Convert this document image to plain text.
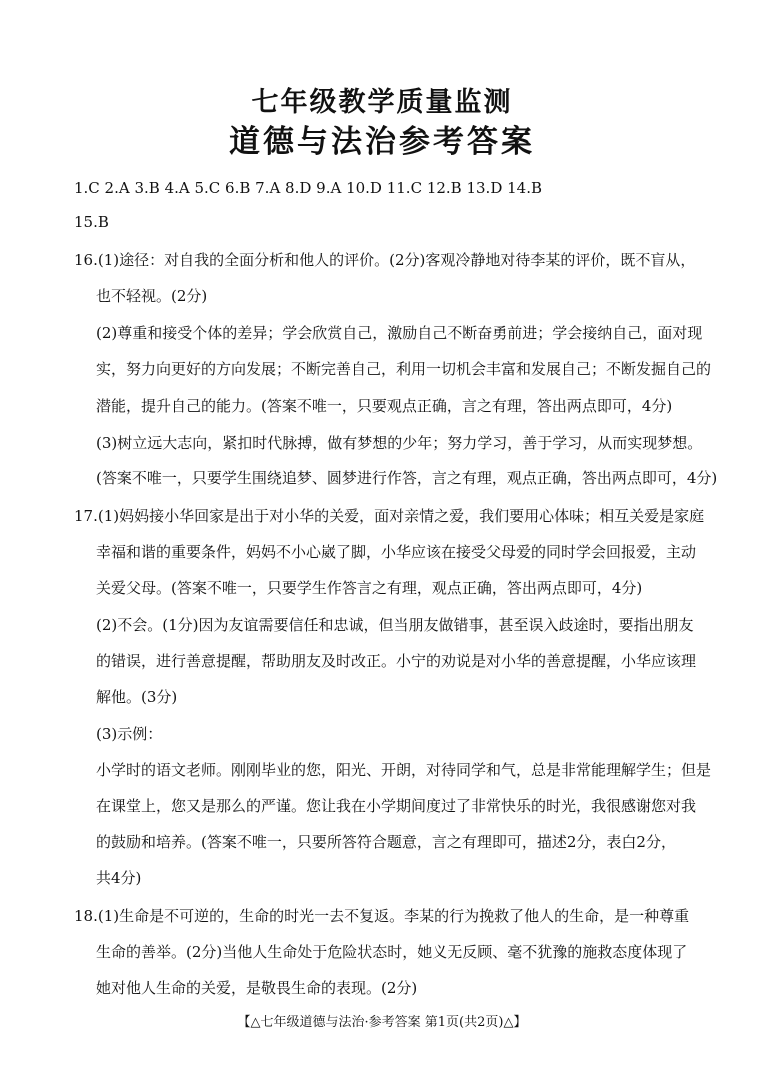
七年级教学质量监测
道德与法治参考答案
1.C 2.A 3.B 4.A 5.C 6.B 7.A 8.D 9.A 10.D 11.C 12.B 13.D 14.B
15.B
16.(1)途径：对自我的全面分析和他人的评价。(2分)客观冷静地对待李某的评价，既不盲从，
也不轻视。(2分)
(2)尊重和接受个体的差异；学会欣赏自己，激励自己不断奋勇前进；学会接纳自己，面对现
实，努力向更好的方向发展；不断完善自己，利用一切机会丰富和发展自己；不断发掘自己的
潜能，提升自己的能力。(答案不唯一，只要观点正确，言之有理，答出两点即可，4分)
(3)树立远大志向，紧扣时代脉搏，做有梦想的少年；努力学习，善于学习，从而实现梦想。
(答案不唯一，只要学生围绕追梦、圆梦进行作答，言之有理，观点正确，答出两点即可，4分)
17.(1)妈妈接小华回家是出于对小华的关爱，面对亲情之爱，我们要用心体味；相互关爱是家庭
幸福和谐的重要条件，妈妈不小心崴了脚，小华应该在接受父母爱的同时学会回报爱，主动
关爱父母。(答案不唯一，只要学生作答言之有理，观点正确，答出两点即可，4分)
(2)不会。(1分)因为友谊需要信任和忠诚，但当朋友做错事，甚至误入歧途时，要指出朋友
的错误，进行善意提醒，帮助朋友及时改正。小宁的劝说是对小华的善意提醒，小华应该理
解他。(3分)
(3)示例：
小学时的语文老师。刚刚毕业的您，阳光、开朗，对待同学和气，总是非常能理解学生；但是
在课堂上，您又是那么的严谨。您让我在小学期间度过了非常快乐的时光，我很感谢您对我
的鼓励和培养。(答案不唯一，只要所答符合题意，言之有理即可，描述2分，表白2分，
共4分)
18.(1)生命是不可逆的，生命的时光一去不复返。李某的行为挽救了他人的生命，是一种尊重
生命的善举。(2分)当他人生命处于危险状态时，她义无反顾、毫不犹豫的施救态度体现了
她对他人生命的关爱，是敬畏生命的表现。(2分)
【△七年级道德与法治·参考答案 第1页(共2页)△】
